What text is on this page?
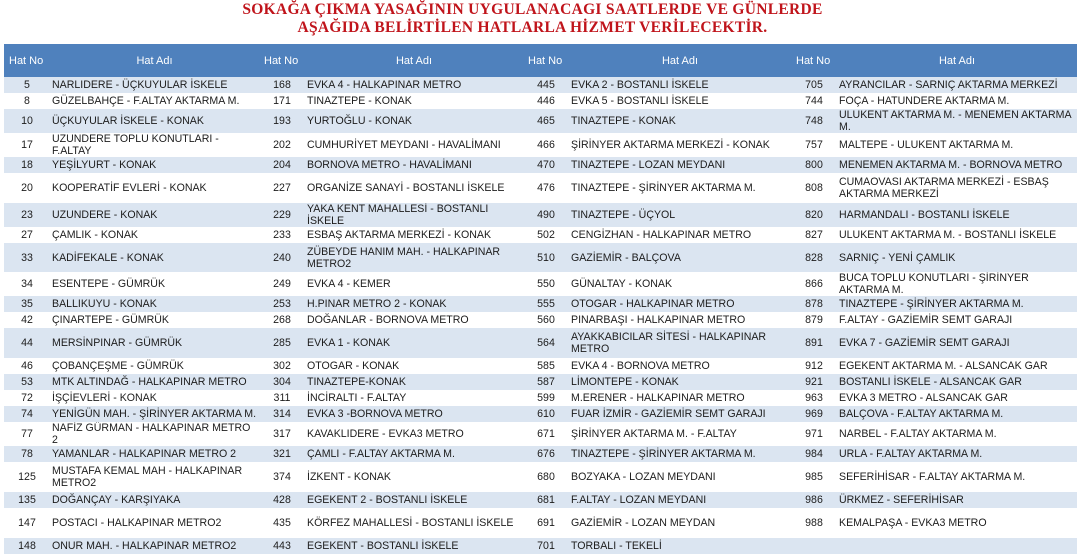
SOKAĞA ÇIKMA YASAĞININ UYGULANACAGI SAATLERDE VE GÜNLERDE
AŞAĞIDA BELİRTİLEN HATLARLA HİZMET VERİLECEKTİR.
Hat No	Hat Adı	Hat No	Hat Adı	Hat No	Hat Adı	Hat No	Hat Adı
5	NARLIDERE - ÜÇKUYULAR İSKELE	168	EVKA 4 - HALKAPINAR METRO	445	EVKA 2 - BOSTANLI İSKELE	705	AYRANCILAR - SARNIÇ AKTARMA MERKEZİ
8	GÜZELBAHÇE - F.ALTAY AKTARMA M.	171	TINAZTEPE - KONAK	446	EVKA 5 - BOSTANLI İSKELE	744	FOÇA - HATUNDERE AKTARMA M.
10	ÜÇKUYULAR İSKELE - KONAK	193	YURTOĞLU - KONAK	465	TINAZTEPE - KONAK	748	ULUKENT AKTARMA M. - MENEMEN AKTARMA M.
17	UZUNDERE TOPLU KONUTLARI - F.ALTAY	202	CUMHURİYET MEYDANI - HAVALİMANI	466	ŞİRİNYER AKTARMA MERKEZİ - KONAK	757	MALTEPE - ULUKENT AKTARMA M.
18	YEŞİLYURT - KONAK	204	BORNOVA METRO - HAVALİMANI	470	TINAZTEPE - LOZAN MEYDANI	800	MENEMEN AKTARMA M. - BORNOVA METRO
20	KOOPERATİF EVLERİ - KONAK	227	ORGANİZE SANAYİ - BOSTANLI İSKELE	476	TINAZTEPE - ŞİRİNYER AKTARMA M.	808	CUMAOVASI AKTARMA MERKEZİ - ESBAŞ AKTARMA MERKEZİ
23	UZUNDERE - KONAK	229	YAKA KENT MAHALLESİ - BOSTANLI İSKELE	490	TINAZTEPE - ÜÇYOL	820	HARMANDALI - BOSTANLI İSKELE
27	ÇAMLIK - KONAK	233	ESBAŞ AKTARMA MERKEZİ - KONAK	502	CENGİZHAN - HALKAPINAR METRO	827	ULUKENT AKTARMA M. - BOSTANLI İSKELE
33	KADİFEKALE - KONAK	240	ZÜBEYDE HANIM MAH. - HALKAPINAR METRO2	510	GAZİEMİR - BALÇOVA	828	SARNIÇ - YENİ ÇAMLIK
34	ESENTEPE - GÜMRÜK	249	EVKA 4 - KEMER	550	GÜNALTAY - KONAK	866	BUCA TOPLU KONUTLARI - ŞİRİNYER AKTARMA M.
35	BALLIKUYU - KONAK	253	H.PINAR METRO 2 - KONAK	555	OTOGAR - HALKAPINAR METRO	878	TINAZTEPE - ŞİRİNYER AKTARMA M.
42	ÇINARTEPE - GÜMRÜK	268	DOĞANLAR - BORNOVA METRO	560	PINARBAŞI - HALKAPINAR METRO	879	F.ALTAY - GAZİEMİR SEMT GARAJI
44	MERSİNPINAR - GÜMRÜK	285	EVKA 1 - KONAK	564	AYAKKABICILAR SİTESİ - HALKAPINAR METRO	891	EVKA 7 - GAZİEMİR SEMT GARAJI
46	ÇOBANÇEŞME - GÜMRÜK	302	OTOGAR - KONAK	585	EVKA 4 - BORNOVA METRO	912	EGEKENT AKTARMA M. - ALSANCAK GAR
53	MTK ALTINDAĞ - HALKAPINAR METRO	304	TINAZTEPE-KONAK	587	LİMONTEPE - KONAK	921	BOSTANLI İSKELE - ALSANCAK GAR
72	İŞÇİEVLERİ - KONAK	311	İNCİRALTI - F.ALTAY	599	M.ERENER - HALKAPINAR METRO	963	EVKA 3 METRO - ALSANCAK GAR
74	YENİGÜN MAH. - ŞİRİNYER AKTARMA M.	314	EVKA 3 -BORNOVA METRO	610	FUAR İZMİR - GAZİEMİR SEMT GARAJI	969	BALÇOVA - F.ALTAY AKTARMA M.
77	NAFİZ GÜRMAN - HALKAPINAR METRO 2	317	KAVAKLIDERE - EVKA3 METRO	671	ŞİRİNYER AKTARMA M. - F.ALTAY	971	NARBEL - F.ALTAY AKTARMA M.
78	YAMANLAR - HALKAPINAR METRO 2	321	ÇAMLI - F.ALTAY AKTARMA M.	676	TINAZTEPE - ŞİRİNYER AKTARMA M.	984	URLA - F.ALTAY AKTARMA M.
125	MUSTAFA KEMAL MAH - HALKAPINAR METRO2	374	İZKENT - KONAK	680	BOZYAKA - LOZAN MEYDANI	985	SEFERİHİSAR - F.ALTAY AKTARMA M.
135	DOĞANÇAY - KARŞIYAKA	428	EGEKENT 2 - BOSTANLI İSKELE	681	F.ALTAY - LOZAN MEYDANI	986	ÜRKMEZ - SEFERİHİSAR
147	POSTACI - HALKAPINAR METRO2	435	KÖRFEZ MAHALLESİ - BOSTANLI İSKELE	691	GAZİEMİR - LOZAN MEYDAN	988	KEMALPAŞA - EVKA3 METRO
148	ONUR MAH. - HALKAPINAR METRO2	443	EGEKENT - BOSTANLI İSKELE	701	TORBALI - TEKELİ		
